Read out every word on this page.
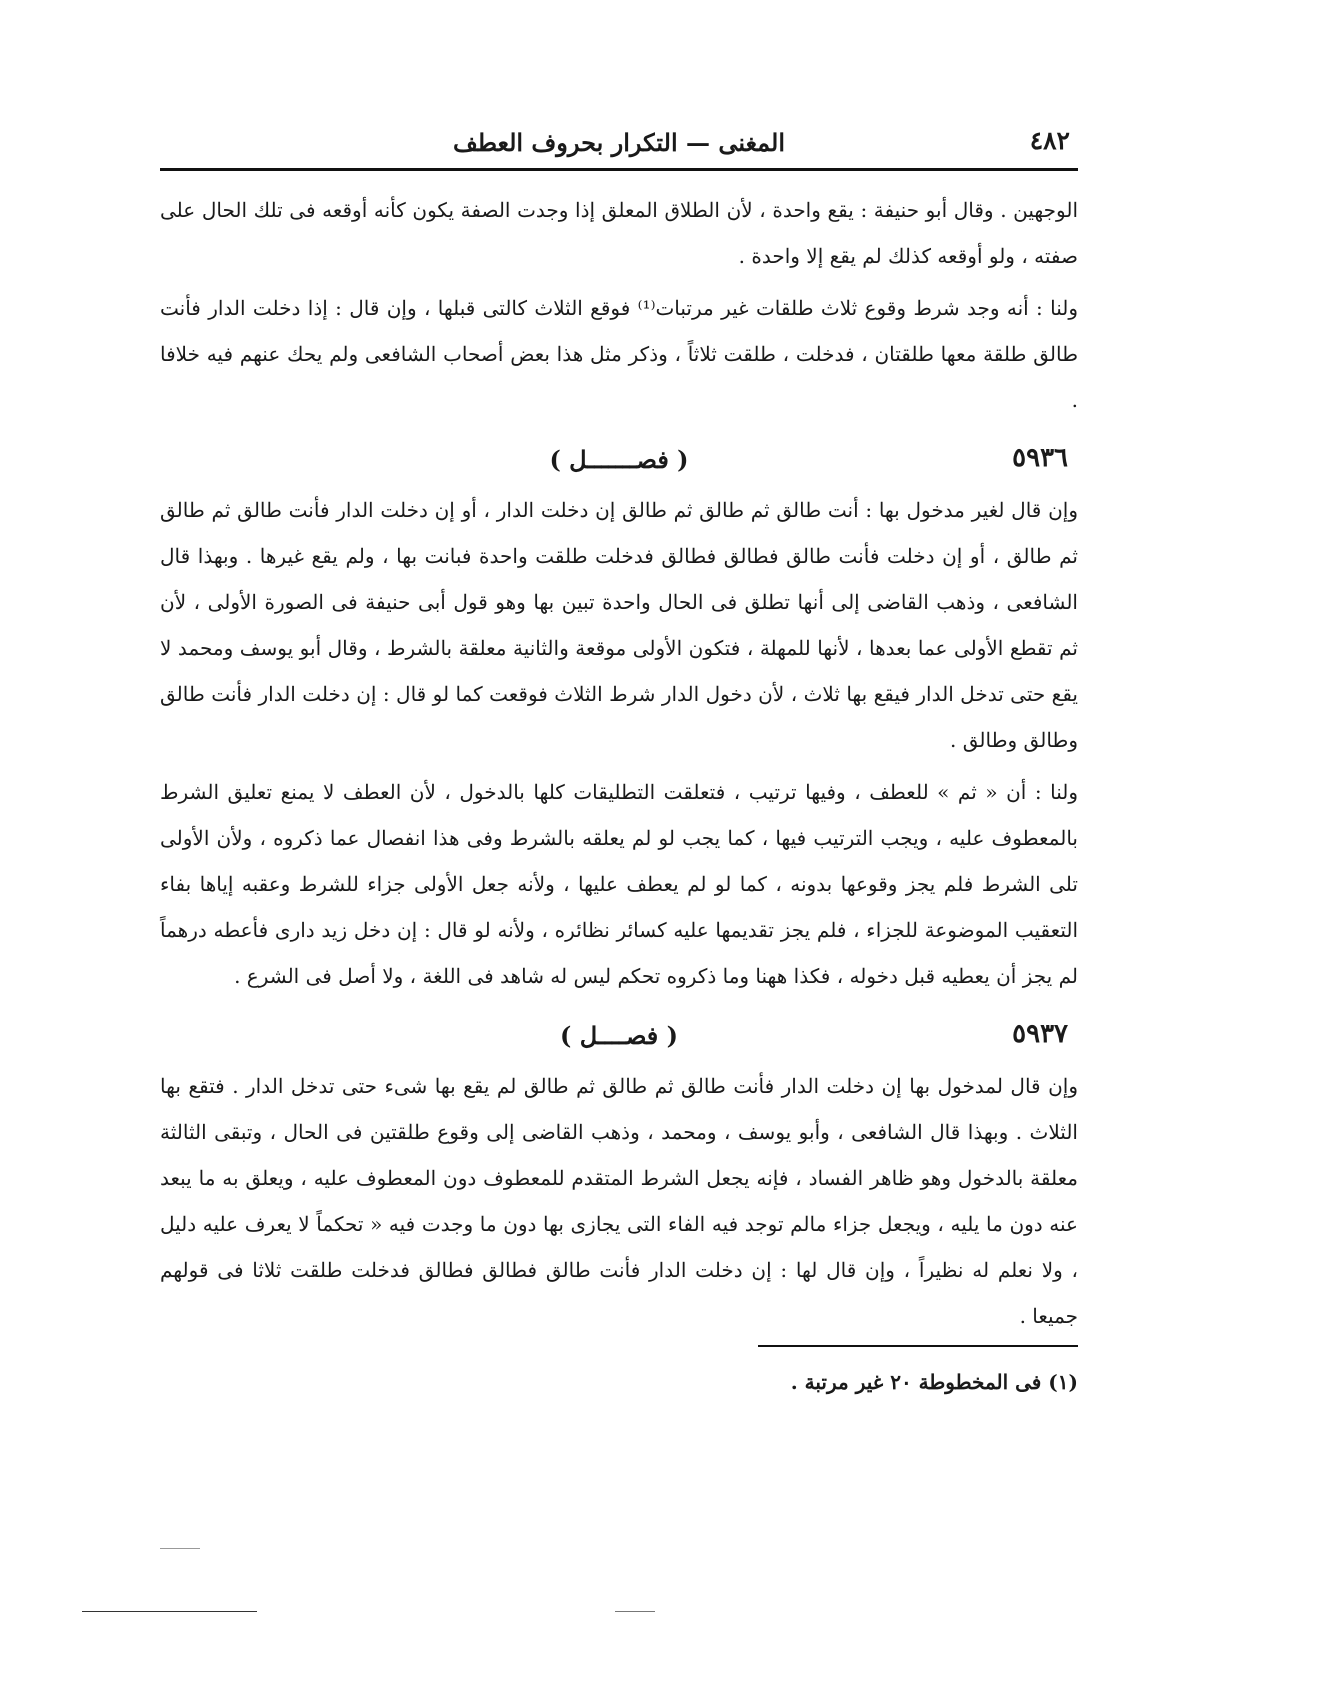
٤٨٢
المغنى — التكرار بحروف العطف

الوجهين . وقال أبو حنيفة : يقع واحدة ، لأن الطلاق المعلق إذا وجدت الصفة يكون كأنه أوقعه فى تلك الحال على صفته ، ولو أوقعه كذلك لم يقع إلا واحدة .

ولنا : أنه وجد شرط وقوع ثلاث طلقات غير مرتبات⁽¹⁾ فوقع الثلاث كالتى قبلها ، وإن قال : إذا دخلت الدار فأنت طالق طلقة معها طلقتان ، فدخلت ، طلقت ثلاثاً ، وذكر مثل هذا بعض أصحاب الشافعى ولم يحك عنهم فيه خلافا .

٥٩٣٦
( فصـــــــل )

وإن قال لغير مدخول بها : أنت طالق ثم طالق ثم طالق إن دخلت الدار ، أو إن دخلت الدار فأنت طالق ثم طالق ثم طالق ، أو إن دخلت فأنت طالق فطالق فطالق فدخلت طلقت واحدة فبانت بها ، ولم يقع غيرها . وبهذا قال الشافعى ، وذهب القاضى إلى أنها تطلق فى الحال واحدة تبين بها وهو قول أبى حنيفة فى الصورة الأولى ، لأن ثم تقطع الأولى عما بعدها ، لأنها للمهلة ، فتكون الأولى موقعة والثانية معلقة بالشرط ، وقال أبو يوسف ومحمد لا يقع حتى تدخل الدار فيقع بها ثلاث ، لأن دخول الدار شرط الثلاث فوقعت كما لو قال : إن دخلت الدار فأنت طالق وطالق وطالق .

ولنا : أن « ثم » للعطف ، وفيها ترتيب ، فتعلقت التطليقات كلها بالدخول ، لأن العطف لا يمنع تعليق الشرط بالمعطوف عليه ، ويجب الترتيب فيها ، كما يجب لو لم يعلقه بالشرط وفى هذا انفصال عما ذكروه ، ولأن الأولى تلى الشرط فلم يجز وقوعها بدونه ، كما لو لم يعطف عليها ، ولأنه جعل الأولى جزاء للشرط وعقبه إياها بفاء التعقيب الموضوعة للجزاء ، فلم يجز تقديمها عليه كسائر نظائره ، ولأنه لو قال : إن دخل زيد دارى فأعطه درهماً لم يجز أن يعطيه قبل دخوله ، فكذا ههنا وما ذكروه تحكم ليس له شاهد فى اللغة ، ولا أصل فى الشرع .

٥٩٣٧
( فصــــل )

وإن قال لمدخول بها إن دخلت الدار فأنت طالق ثم طالق ثم طالق لم يقع بها شىء حتى تدخل الدار . فتقع بها الثلاث . وبهذا قال الشافعى ، وأبو يوسف ، ومحمد ، وذهب القاضى إلى وقوع طلقتين فى الحال ، وتبقى الثالثة معلقة بالدخول وهو ظاهر الفساد ، فإنه يجعل الشرط المتقدم للمعطوف دون المعطوف عليه ، ويعلق به ما يبعد عنه دون ما يليه ، ويجعل جزاء مالم توجد فيه الفاء التى يجازى بها دون ما وجدت فيه « تحكماً لا يعرف عليه دليل ، ولا نعلم له نظيراً ، وإن قال لها : إن دخلت الدار فأنت طالق فطالق فطالق فدخلت طلقت ثلاثا فى قولهم جميعا .

(١) فى المخطوطة ٢٠ غير مرتبة .
